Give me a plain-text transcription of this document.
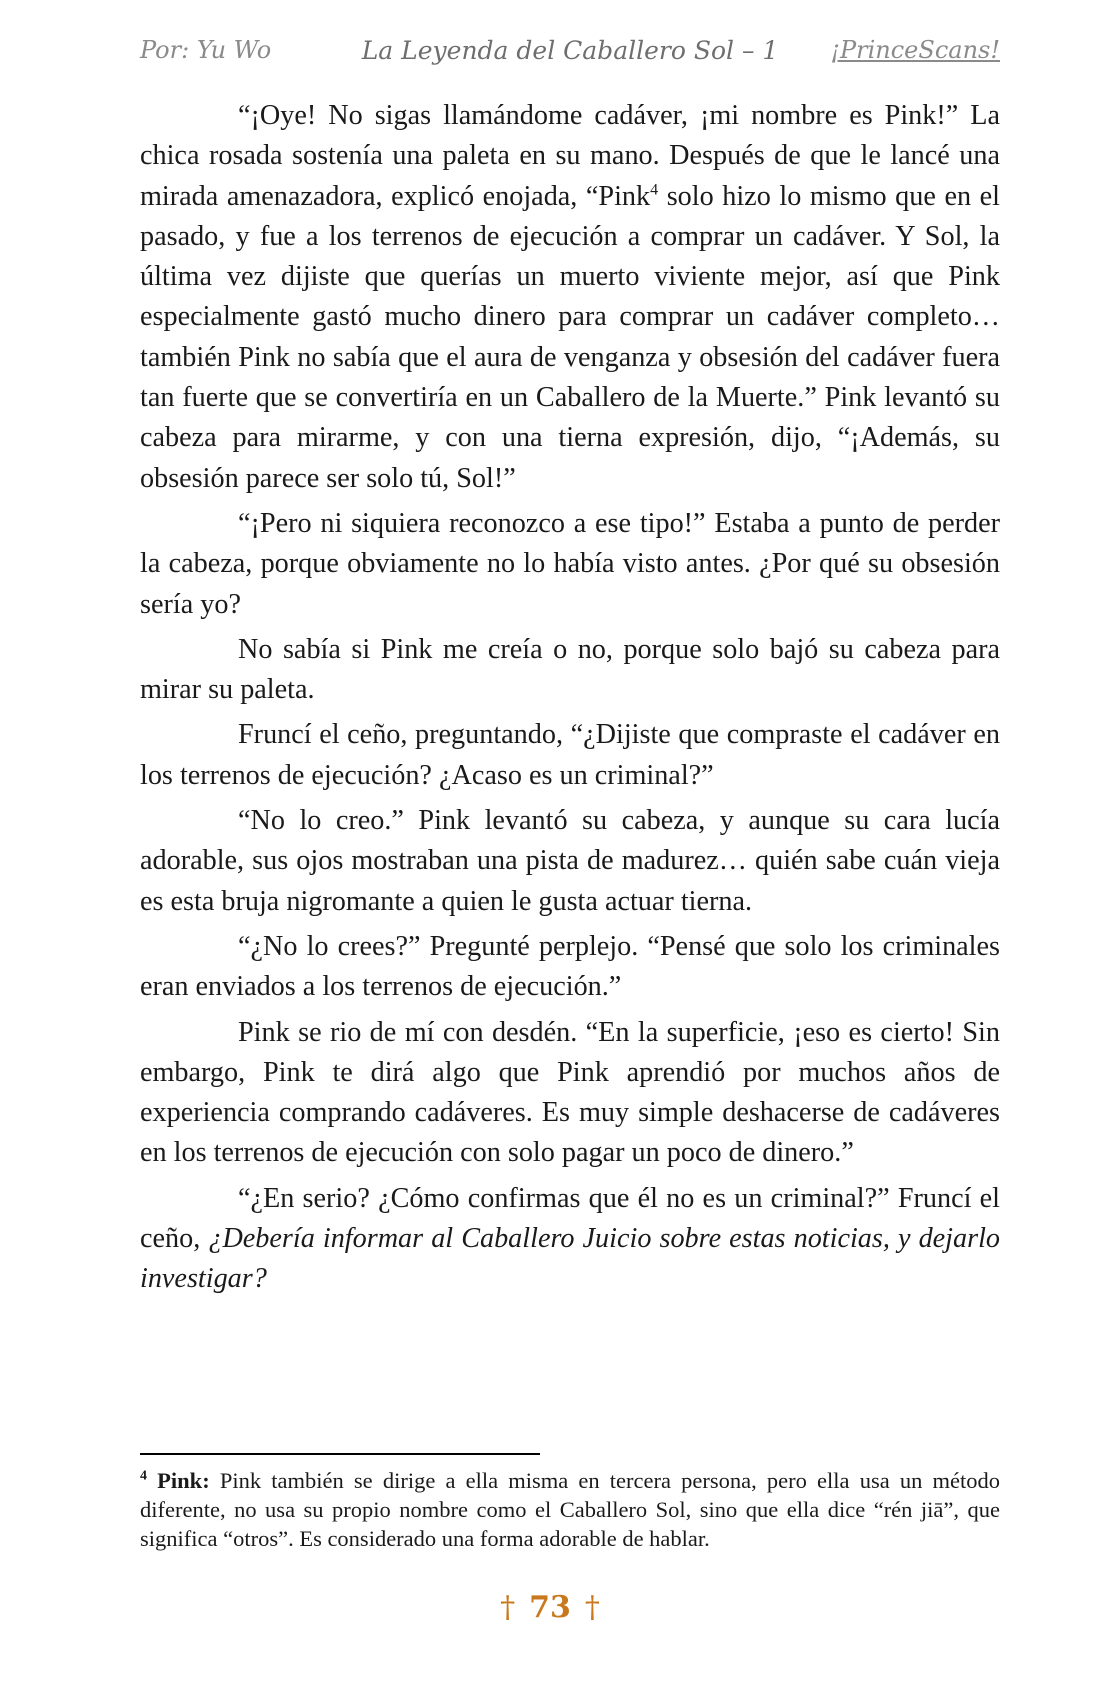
Por: Yu Wo	La Leyenda del Caballero Sol – 1	¡PrinceScans!

“¡Oye! No sigas llamándome cadáver, ¡mi nombre es Pink!” La chica rosada sostenía una paleta en su mano. Después de que le lancé una mirada amenazadora, explicó enojada, “Pink$^4$ solo hizo lo mismo que en el pasado, y fue a los terrenos de ejecución a comprar un cadáver. Y Sol, la última vez dijiste que querías un muerto viviente mejor, así que Pink especialmente gastó mucho dinero para comprar un cadáver completo… también Pink no sabía que el aura de venganza y obsesión del cadáver fuera tan fuerte que se convertiría en un Caballero de la Muerte.” Pink levantó su cabeza para mirarme, y con una tierna expresión, dijo, “¡Además, su obsesión parece ser solo tú, Sol!”

“¡Pero ni siquiera reconozco a ese tipo!” Estaba a punto de perder la cabeza, porque obviamente no lo había visto antes. ¿Por qué su obsesión sería yo?

No sabía si Pink me creía o no, porque solo bajó su cabeza para mirar su paleta.

Fruncí el ceño, preguntando, “¿Dijiste que compraste el cadáver en los terrenos de ejecución? ¿Acaso es un criminal?”

“No lo creo.” Pink levantó su cabeza, y aunque su cara lucía adorable, sus ojos mostraban una pista de madurez… quién sabe cuán vieja es esta bruja nigromante a quien le gusta actuar tierna.

“¿No lo crees?” Pregunté perplejo. “Pensé que solo los criminales eran enviados a los terrenos de ejecución.”

Pink se rio de mí con desdén. “En la superficie, ¡eso es cierto! Sin embargo, Pink te dirá algo que Pink aprendió por muchos años de experiencia comprando cadáveres. Es muy simple deshacerse de cadáveres en los terrenos de ejecución con solo pagar un poco de dinero.”

“¿En serio? ¿Cómo confirmas que él no es un criminal?” Fruncí el ceño, ¿Debería informar al Caballero Juicio sobre estas noticias, y dejarlo investigar?

$^4$ Pink: Pink también se dirige a ella misma en tercera persona, pero ella usa un método diferente, no usa su propio nombre como el Caballero Sol, sino que ella dice “rén jiā”, que significa “otros”. Es considerado una forma adorable de hablar.
† 73 †
